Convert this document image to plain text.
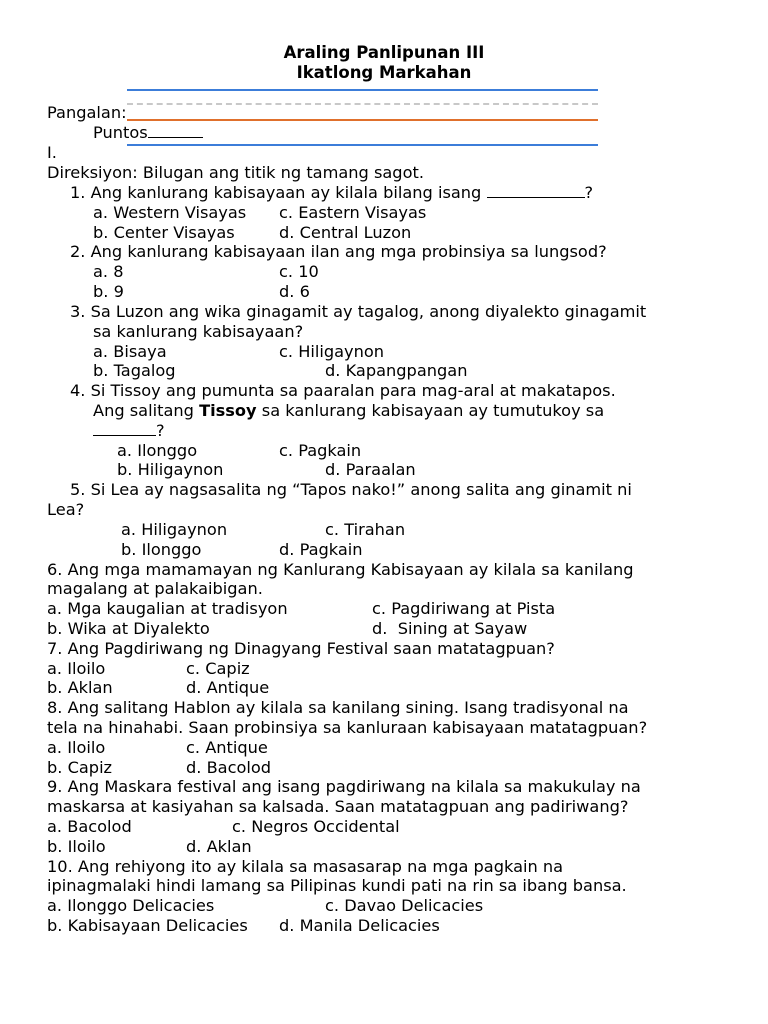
Araling Panlipunan III
Ikatlong Markahan
Pangalan:
Puntos
I.
Direksiyon: Bilugan ang titik ng tamang sagot.
1. Ang kanlurang kabisayaan ay kilala bilang isang	?
a. Western Visayas c. Eastern Visayas
b. Center Visayas	d. Central Luzon
2. Ang kanlurang kabisayaan ilan ang mga probinsiya sa lungsod?
a. 8	c. 10
b. 9	d. 6
3. Sa Luzon ang wika ginagamit ay tagalog, anong diyalekto ginagamit
sa kanlurang kabisayaan?
a. Bisaya	c. Hiligaynon
b. Tagalog	d. Kapangpangan
4. Si Tissoy ang pumunta sa paaralan para mag-aral at makatapos.
Ang salitang Tissoy sa kanlurang kabisayaan ay tumutukoy sa
?
a. Ilonggo	c. Pagkain
b. Hiligaynon	d. Paraalan
5. Si Lea ay nagsasalita ng “Tapos nako!” anong salita ang ginamit ni
Lea?
a. Hiligaynon	c. Tirahan
b. Ilonggo	d. Pagkain
6. Ang mga mamamayan ng Kanlurang Kabisayaan ay kilala sa kanilang
magalang at palakaibigan.
a. Mga kaugalian at tradisyon	c. Pagdiriwang at Pista
b. Wika at Diyalekto	d.  Sining at Sayaw
7. Ang Pagdiriwang ng Dinagyang Festival saan matatagpuan?
a. Iloilo	c. Capiz
b. Aklan	d. Antique
8. Ang salitang Hablon ay kilala sa kanilang sining. Isang tradisyonal na
tela na hinahabi. Saan probinsiya sa kanluraan kabisayaan matatagpuan?
a. Iloilo	c. Antique
b. Capiz	d. Bacolod
9. Ang Maskara festival ang isang pagdiriwang na kilala sa makukulay na
maskarsa at kasiyahan sa kalsada. Saan matatagpuan ang padiriwang?
a. Bacolod	c. Negros Occidental
b. Iloilo	d. Aklan
10. Ang rehiyong ito ay kilala sa masasarap na mga pagkain na
ipinagmalaki hindi lamang sa Pilipinas kundi pati na rin sa ibang bansa.
a. Ilonggo Delicacies	c. Davao Delicacies
b. Kabisayaan Delicacies d. Manila Delicacies
